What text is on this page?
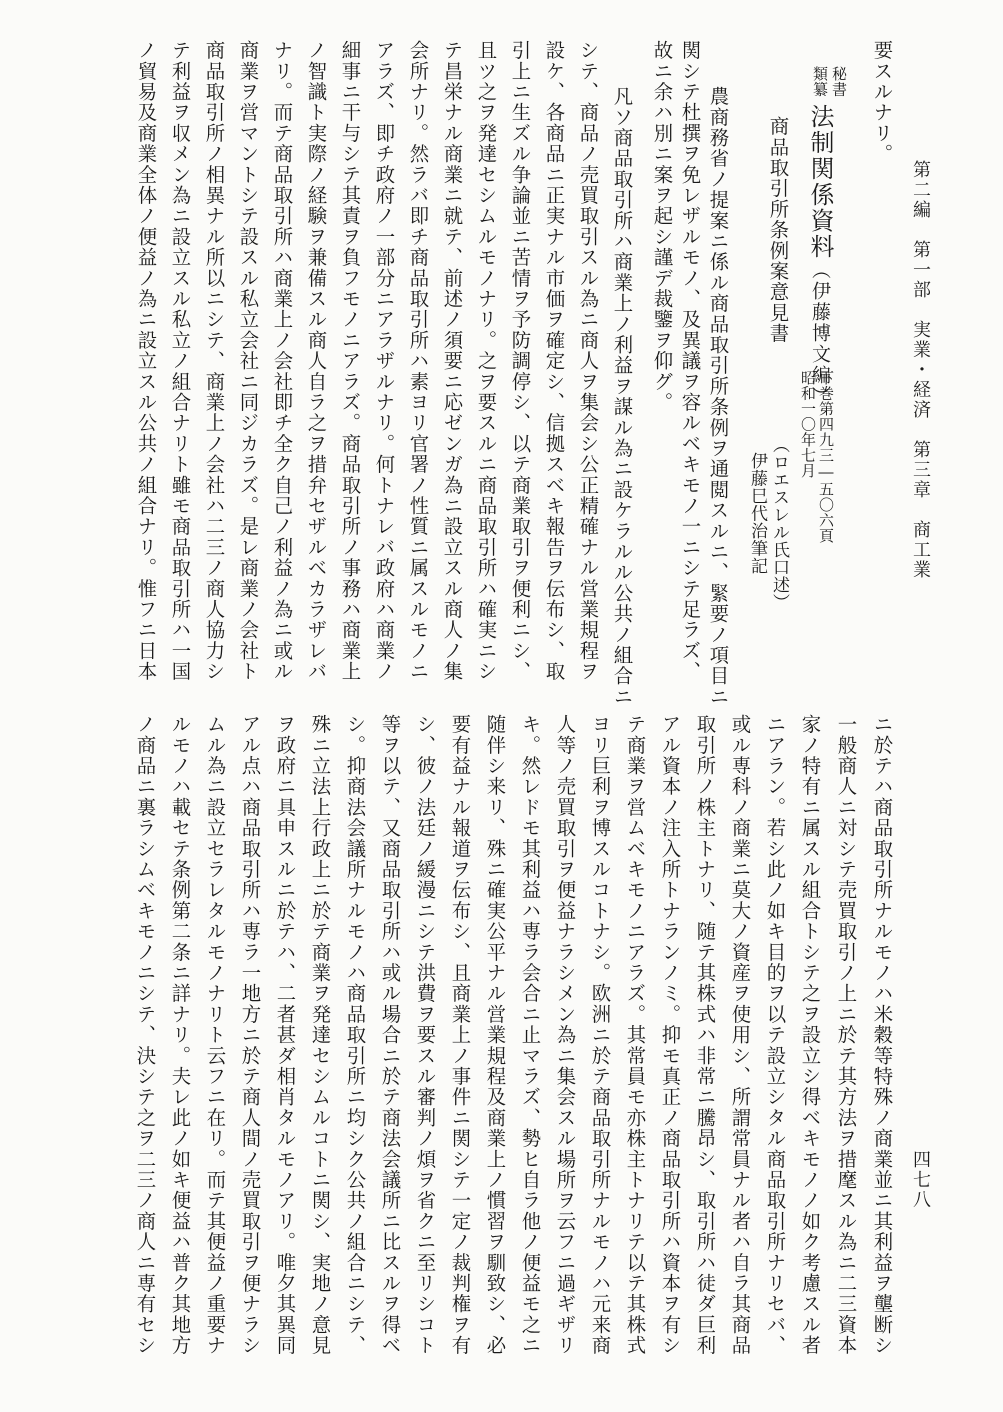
第二編　第一部　実業・経済　第三章　商工業
四七八
要スルナリ。
秘書類纂法制関係資料（伊藤博文編）
下巻第四九三―五〇六頁
昭和一〇年七月
商品取引所条例案意見書
（ロエスレル氏口述）
伊藤巳代治筆記
農商務省ノ提案ニ係ル商品取引所条例ヲ通閲スルニ、緊要ノ項目ニ
関シテ杜撰ヲ免レザルモノ、及異議ヲ容ルベキモノ一ニシテ足ラズ、
故ニ余ハ別ニ案ヲ起シ謹デ裁鑒ヲ仰グ。
凡ソ商品取引所ハ商業上ノ利益ヲ謀ル為ニ設ケラルル公共ノ組合ニ
シテ、商品ノ売買取引スル為ニ商人ヲ集会シ公正精確ナル営業規程ヲ
設ケ、各商品ニ正実ナル市価ヲ確定シ、信拠スベキ報告ヲ伝布シ、取
引上ニ生ズル争論並ニ苦情ヲ予防調停シ、以テ商業取引ヲ便利ニシ、
且ツ之ヲ発達セシムルモノナリ。之ヲ要スルニ商品取引所ハ確実ニシ
テ昌栄ナル商業ニ就テ、前述ノ須要ニ応ゼンガ為ニ設立スル商人ノ集
会所ナリ。然ラバ即チ商品取引所ハ素ヨリ官署ノ性質ニ属スルモノニ
アラズ、即チ政府ノ一部分ニアラザルナリ。何トナレバ政府ハ商業ノ
細事ニ干与シテ其責ヲ負フモノニアラズ。商品取引所ノ事務ハ商業上
ノ智識ト実際ノ経験ヲ兼備スル商人自ラ之ヲ措弁セザルベカラザレバ
ナリ。而テ商品取引所ハ商業上ノ会社即チ全ク自己ノ利益ノ為ニ或ル
商業ヲ営マントシテ設スル私立会社ニ同ジカラズ。是レ商業ノ会社ト
商品取引所ノ相異ナル所以ニシテ、商業上ノ会社ハ二三ノ商人協力シ
テ利益ヲ収メン為ニ設立スル私立ノ組合ナリト雖モ商品取引所ハ一国
ノ貿易及商業全体ノ便益ノ為ニ設立スル公共ノ組合ナリ。惟フニ日本
ニ於テハ商品取引所ナルモノハ米穀等特殊ノ商業並ニ其利益ヲ壟断シ
一般商人ニ対シテ売買取引ノ上ニ於テ其方法ヲ措麾スル為ニ二三資本
家ノ特有ニ属スル組合トシテ之ヲ設立シ得ベキモノノ如ク考慮スル者
ニアラン。若シ此ノ如キ目的ヲ以テ設立シタル商品取引所ナリセバ、
或ル専科ノ商業ニ莫大ノ資産ヲ使用シ、所謂常員ナル者ハ自ラ其商品
取引所ノ株主トナリ、随テ其株式ハ非常ニ騰昂シ、取引所ハ徒ダ巨利
アル資本ノ注入所トナランノミ。抑モ真正ノ商品取引所ハ資本ヲ有シ
テ商業ヲ営ムベキモノニアラズ。其常員モ亦株主トナリテ以テ其株式
ヨリ巨利ヲ博スルコトナシ。欧洲ニ於テ商品取引所ナルモノハ元来商
人等ノ売買取引ヲ便益ナラシメン為ニ集会スル場所ヲ云フニ過ギザリ
キ。然レドモ其利益ハ専ラ会合ニ止マラズ、勢ヒ自ラ他ノ便益モ之ニ
随伴シ来リ、殊ニ確実公平ナル営業規程及商業上ノ慣習ヲ馴致シ、必
要有益ナル報道ヲ伝布シ、且商業上ノ事件ニ関シテ一定ノ裁判権ヲ有
シ、彼ノ法廷ノ緩漫ニシテ洪費ヲ要スル審判ノ煩ヲ省クニ至リシコト
等ヲ以テ、又商品取引所ハ或ル場合ニ於テ商法会議所ニ比スルヲ得ベ
シ。抑商法会議所ナルモノハ商品取引所ニ均シク公共ノ組合ニシテ、
殊ニ立法上行政上ニ於テ商業ヲ発達セシムルコトニ関シ、実地ノ意見
ヲ政府ニ具申スルニ於テハ、二者甚ダ相肖タルモノアリ。唯夕其異同
アル点ハ商品取引所ハ専ラ一地方ニ於テ商人間ノ売買取引ヲ便ナラシ
ムル為ニ設立セラレタルモノナリト云フニ在リ。而テ其便益ノ重要ナ
ルモノハ載セテ条例第二条ニ詳ナリ。夫レ此ノ如キ便益ハ普ク其地方
ノ商品ニ裏ラシムベキモノニシテ、決シテ之ヲ二三ノ商人ニ専有セシ
